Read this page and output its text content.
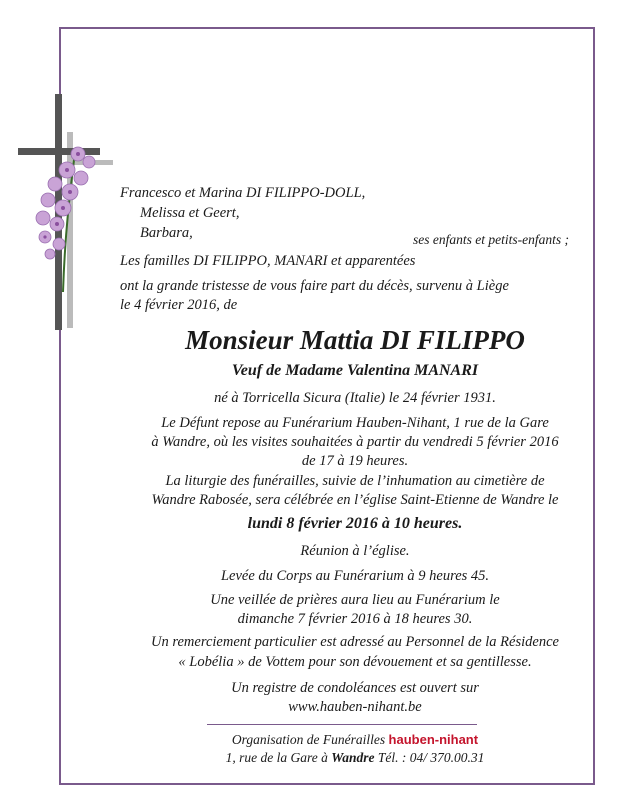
Francesco et Marina DI FILIPPO-DOLL,
Melissa et Geert,
Barbara,	ses enfants et petits-enfants ;
Les familles DI FILIPPO, MANARI et apparentées
ont la grande tristesse de vous faire part du décès, survenu à Liège
le 4 février 2016, de
Monsieur Mattia DI FILIPPO
Veuf de Madame Valentina MANARI
né à Torricella Sicura (Italie) le 24 février 1931.
Le Défunt repose au Funérarium Hauben-Nihant, 1 rue de la Gare
à Wandre, où les visites souhaitées à partir du vendredi 5 février 2016
de 17 à 19 heures.
La liturgie des funérailles, suivie de l’inhumation au cimetière de
Wandre Rabosée, sera célébrée en l’église Saint-Etienne de Wandre le
lundi 8 février 2016 à 10 heures.
Réunion à l’église.
Levée du Corps au Funérarium à 9 heures 45.
Une veillée de prières aura lieu au Funérarium le
dimanche 7 février 2016 à 18 heures 30.
Un remerciement particulier est adressé au Personnel de la Résidence
« Lobélia » de Vottem pour son dévouement et sa gentillesse.
Un registre de condoléances est ouvert sur
www.hauben-nihant.be
Organisation de Funérailles hauben-nihant
1, rue de la Gare à Wandre Tél. : 04/ 370.00.31
